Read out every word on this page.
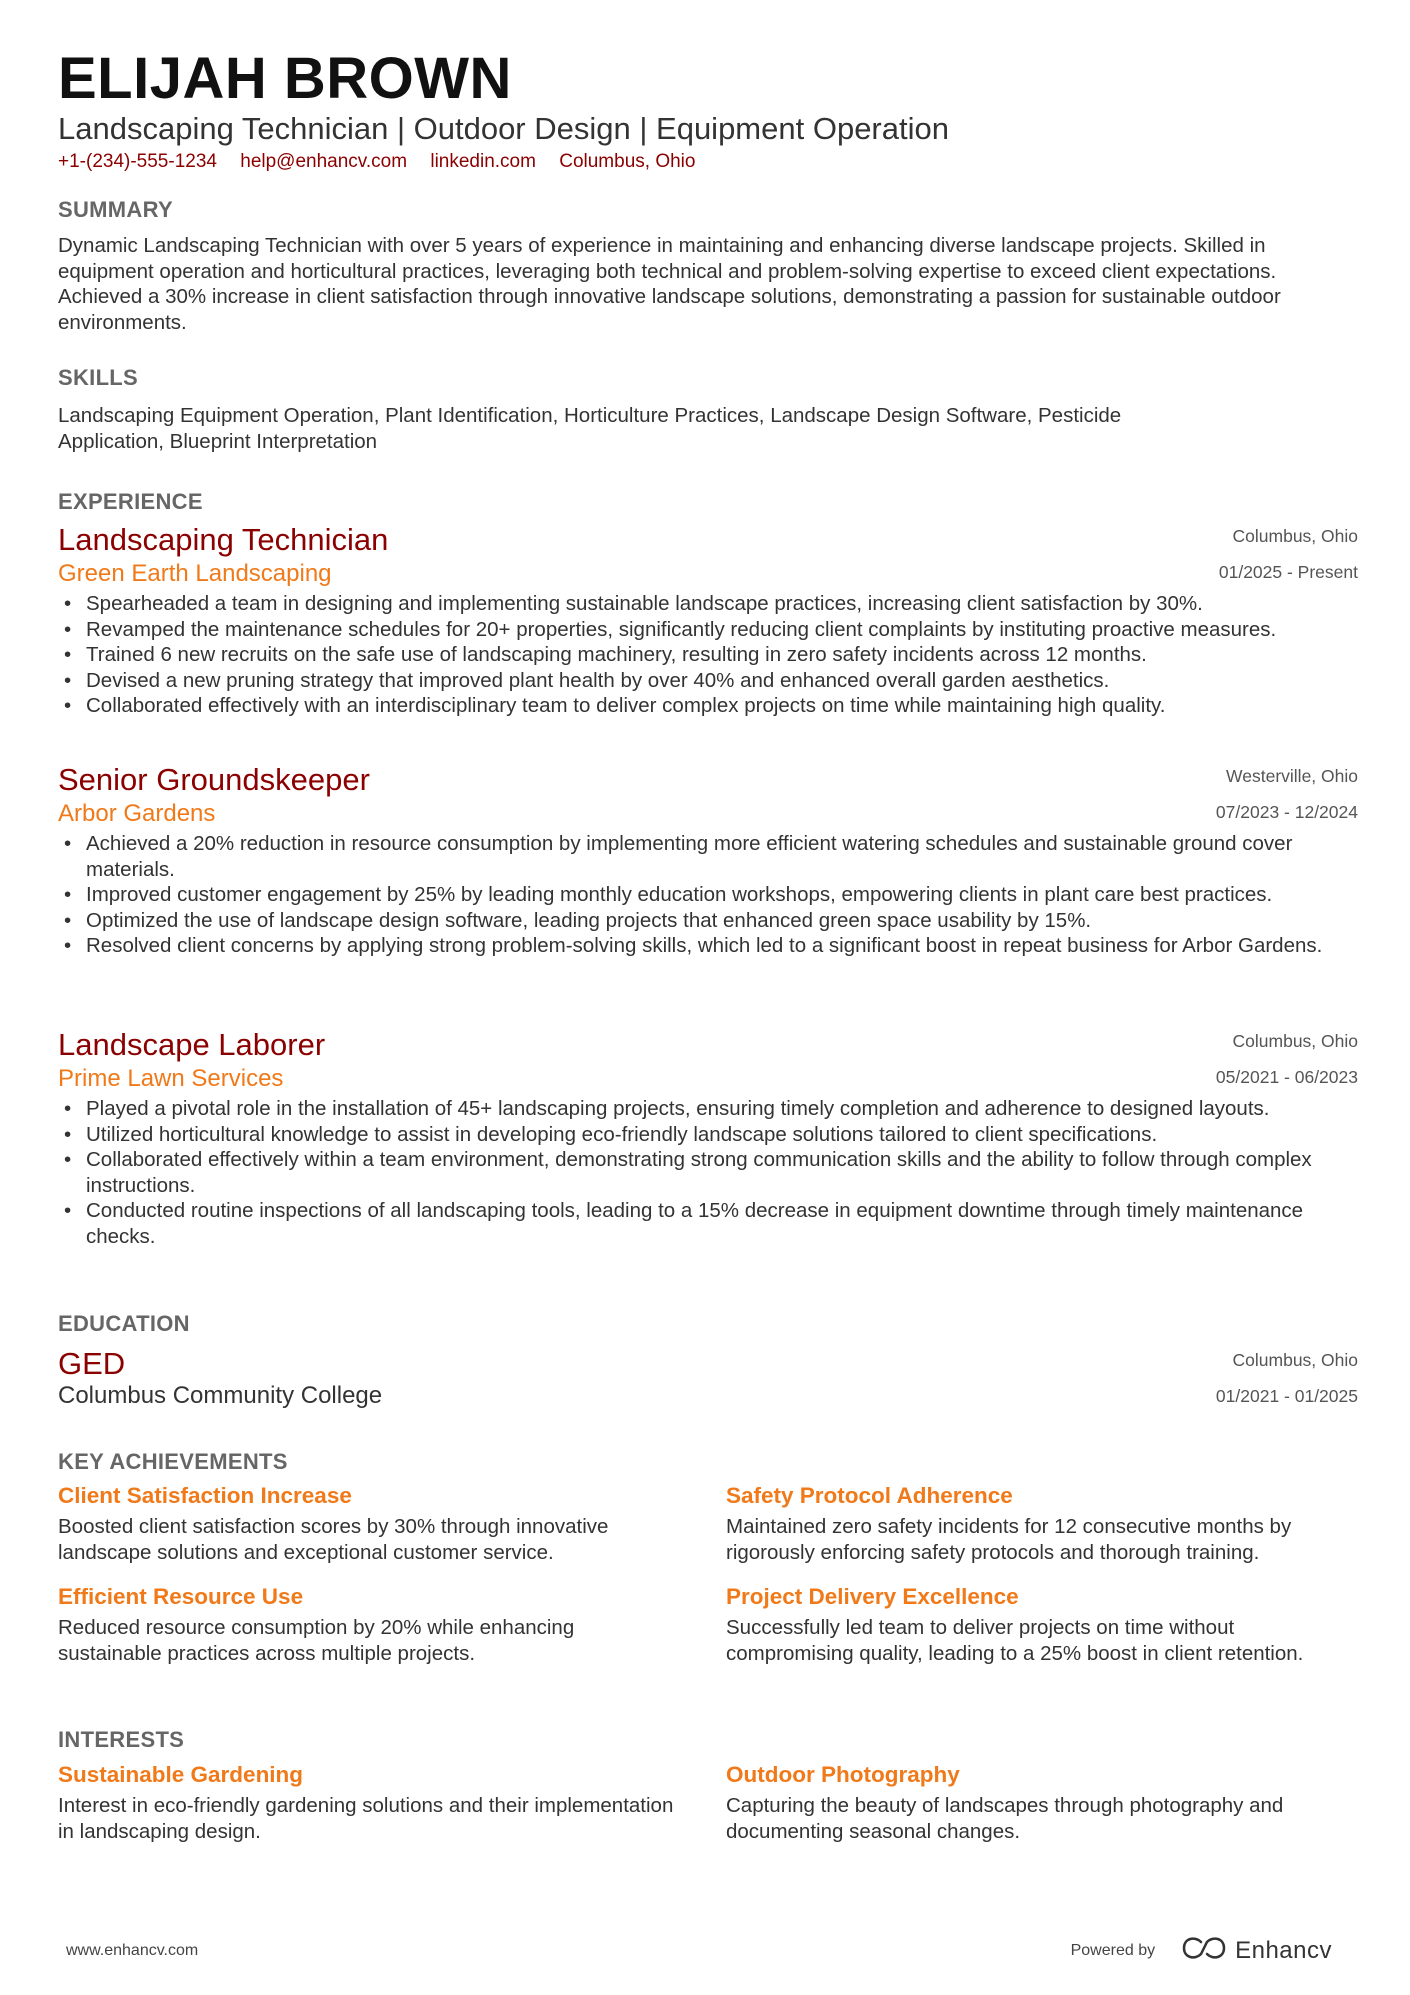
ELIJAH BROWN
Landscaping Technician | Outdoor Design | Equipment Operation
+1-(234)-555-1234 help@enhancv.com linkedin.com Columbus, Ohio
SUMMARY
Dynamic Landscaping Technician with over 5 years of experience in maintaining and enhancing diverse landscape projects. Skilled in equipment operation and horticultural practices, leveraging both technical and problem-solving expertise to exceed client expectations. Achieved a 30% increase in client satisfaction through innovative landscape solutions, demonstrating a passion for sustainable outdoor environments.
SKILLS
Landscaping Equipment Operation, Plant Identification, Horticulture Practices, Landscape Design Software, Pesticide Application, Blueprint Interpretation
EXPERIENCE
Landscaping Technician
Green Earth Landscaping
Columbus, Ohio
01/2025 - Present
• Spearheaded a team in designing and implementing sustainable landscape practices, increasing client satisfaction by 30%.
• Revamped the maintenance schedules for 20+ properties, significantly reducing client complaints by instituting proactive measures.
• Trained 6 new recruits on the safe use of landscaping machinery, resulting in zero safety incidents across 12 months.
• Devised a new pruning strategy that improved plant health by over 40% and enhanced overall garden aesthetics.
• Collaborated effectively with an interdisciplinary team to deliver complex projects on time while maintaining high quality.
Senior Groundskeeper
Arbor Gardens
Westerville, Ohio
07/2023 - 12/2024
• Achieved a 20% reduction in resource consumption by implementing more efficient watering schedules and sustainable ground cover materials.
• Improved customer engagement by 25% by leading monthly education workshops, empowering clients in plant care best practices.
• Optimized the use of landscape design software, leading projects that enhanced green space usability by 15%.
• Resolved client concerns by applying strong problem-solving skills, which led to a significant boost in repeat business for Arbor Gardens.
Landscape Laborer
Prime Lawn Services
Columbus, Ohio
05/2021 - 06/2023
• Played a pivotal role in the installation of 45+ landscaping projects, ensuring timely completion and adherence to designed layouts.
• Utilized horticultural knowledge to assist in developing eco-friendly landscape solutions tailored to client specifications.
• Collaborated effectively within a team environment, demonstrating strong communication skills and the ability to follow through complex instructions.
• Conducted routine inspections of all landscaping tools, leading to a 15% decrease in equipment downtime through timely maintenance checks.
EDUCATION
GED
Columbus Community College
Columbus, Ohio
01/2021 - 01/2025
KEY ACHIEVEMENTS
Client Satisfaction Increase
Boosted client satisfaction scores by 30% through innovative landscape solutions and exceptional customer service.
Safety Protocol Adherence
Maintained zero safety incidents for 12 consecutive months by rigorously enforcing safety protocols and thorough training.
Efficient Resource Use
Reduced resource consumption by 20% while enhancing sustainable practices across multiple projects.
Project Delivery Excellence
Successfully led team to deliver projects on time without compromising quality, leading to a 25% boost in client retention.
INTERESTS
Sustainable Gardening
Interest in eco-friendly gardening solutions and their implementation in landscaping design.
Outdoor Photography
Capturing the beauty of landscapes through photography and documenting seasonal changes.
www.enhancv.com	Powered by	Enhancv
